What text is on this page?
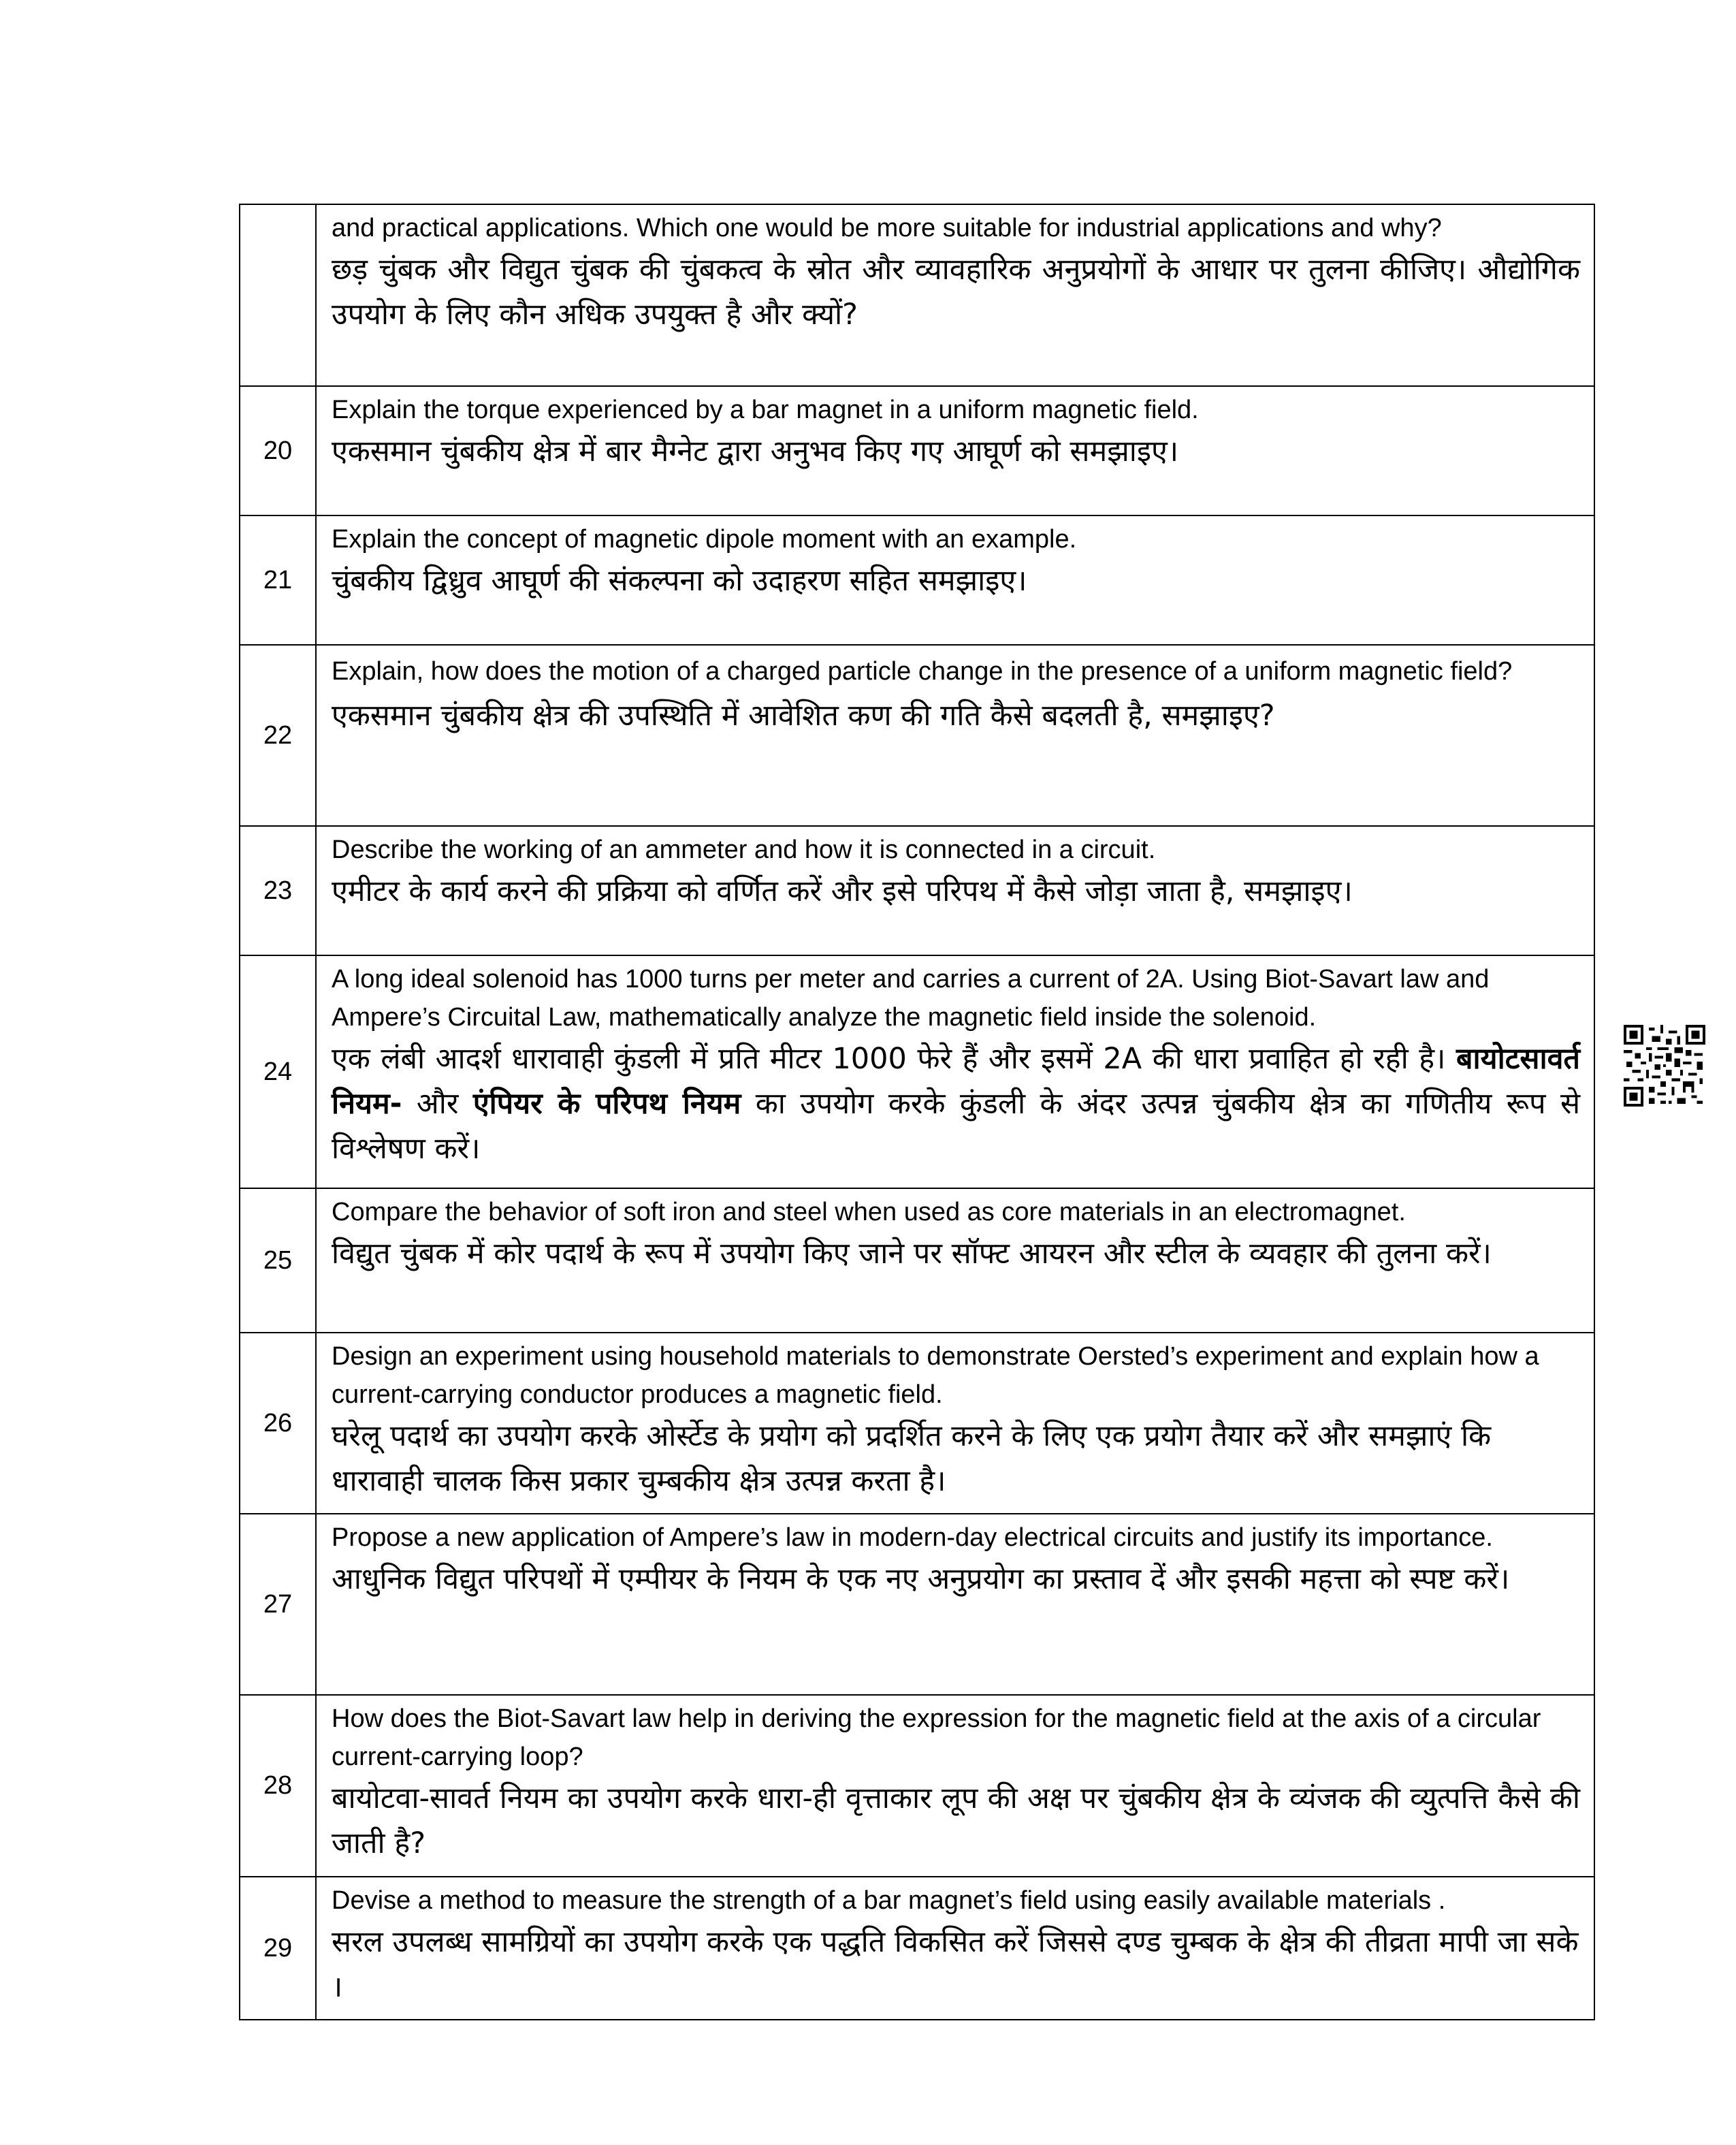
	and practical applications. Which one would be more suitable for industrial applications and why?

छड़ चुंबक और विद्युत चुंबक की चुंबकत्व के स्रोत और व्यावहारिक अनुप्रयोगों के आधार पर तुलना कीजिए। औद्योगिक उपयोग के लिए कौन अधिक उपयुक्त है और क्यों?

20	Explain the torque experienced by a bar magnet in a uniform magnetic field.

एकसमान चुंबकीय क्षेत्र में बार मैग्नेट द्वारा अनुभव किए गए आघूर्ण को समझाइए।

21	Explain the concept of magnetic dipole moment with an example.

चुंबकीय द्विध्रुव आघूर्ण की संकल्पना को उदाहरण सहित समझाइए।

22	Explain, how does the motion of a charged particle change in the presence of a uniform magnetic field?

एकसमान चुंबकीय क्षेत्र की उपस्थिति में आवेशित कण की गति कैसे बदलती है, समझाइए?

23	Describe the working of an ammeter and how it is connected in a circuit.

एमीटर के कार्य करने की प्रक्रिया को वर्णित करें और इसे परिपथ में कैसे जोड़ा जाता है, समझाइए।

24	A long ideal solenoid has 1000 turns per meter and carries a current of 2A. Using Biot-Savart law and Ampere’s Circuital Law, mathematically analyze the magnetic field inside the solenoid.

एक लंबी आदर्श धारावाही कुंडली में प्रति मीटर 1000 फेरे हैं और इसमें 2A की धारा प्रवाहित हो रही है। बायोटसावर्त नियम- और एंपियर के परिपथ नियम का उपयोग करके कुंडली के अंदर उत्पन्न चुंबकीय क्षेत्र का गणितीय रूप से विश्लेषण करें।

25	Compare the behavior of soft iron and steel when used as core materials in an electromagnet.

विद्युत चुंबक में कोर पदार्थ के रूप में उपयोग किए जाने पर सॉफ्ट आयरन और स्टील के व्यवहार की तुलना करें।

26	Design an experiment using household materials to demonstrate Oersted’s experiment and explain how a current-carrying conductor produces a magnetic field.

घरेलू पदार्थ का उपयोग करके ओर्स्टेड के प्रयोग को प्रदर्शित करने के लिए एक प्रयोग तैयार करें और समझाएं कि धारावाही चालक किस प्रकार चुम्बकीय क्षेत्र उत्पन्न करता है।

27	Propose a new application of Ampere’s law in modern-day electrical circuits and justify its importance.

आधुनिक विद्युत परिपथों में एम्पीयर के नियम के एक नए अनुप्रयोग का प्रस्ताव दें और इसकी महत्ता को स्पष्ट करें।

28	How does the Biot-Savart law help in deriving the expression for the magnetic field at the axis of a circular current-carrying loop?

बायोटवा-सावर्त नियम का उपयोग करके धारा-ही वृत्ताकार लूप की अक्ष पर चुंबकीय क्षेत्र के व्यंजक की व्युत्पत्ति कैसे की जाती है?

29	Devise a method to measure the strength of a bar magnet’s field using easily available materials .

सरल उपलब्ध सामग्रियों का उपयोग करके एक पद्धति विकसित करें जिससे दण्ड चुम्बक के क्षेत्र की तीव्रता मापी जा सके ।
